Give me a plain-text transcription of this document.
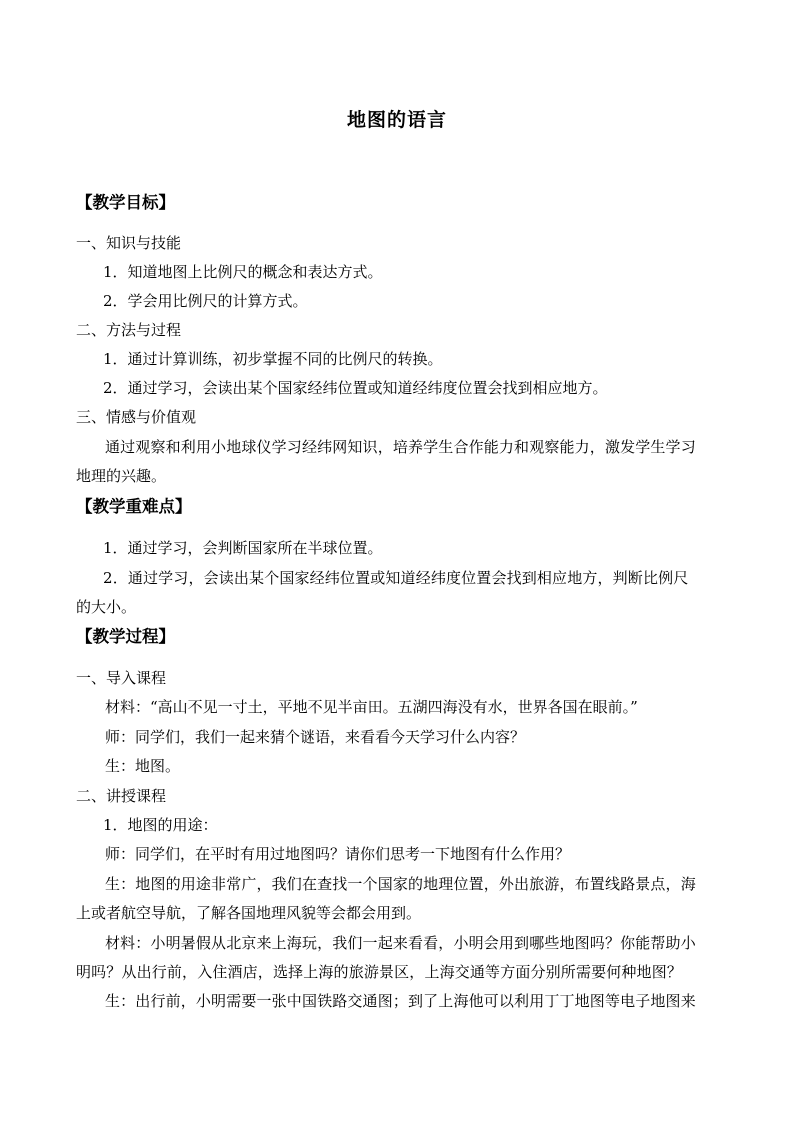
地图的语言
【教学目标】
一、知识与技能
1．知道地图上比例尺的概念和表达方式。
2．学会用比例尺的计算方式。
二、方法与过程
1．通过计算训练，初步掌握不同的比例尺的转换。
2．通过学习，会读出某个国家经纬位置或知道经纬度位置会找到相应地方。
三、情感与价值观
通过观察和利用小地球仪学习经纬网知识，培养学生合作能力和观察能力，激发学生学习
地理的兴趣。
【教学重难点】
1．通过学习，会判断国家所在半球位置。
2．通过学习，会读出某个国家经纬位置或知道经纬度位置会找到相应地方，判断比例尺
的大小。
【教学过程】
一、导入课程
材料：“高山不见一寸土，平地不见半亩田。五湖四海没有水，世界各国在眼前。”
师：同学们，我们一起来猜个谜语，来看看今天学习什么内容？
生：地图。
二、讲授课程
1．地图的用途：
师：同学们，在平时有用过地图吗？请你们思考一下地图有什么作用？
生：地图的用途非常广，我们在查找一个国家的地理位置，外出旅游，布置线路景点，海
上或者航空导航，了解各国地理风貌等会都会用到。
材料：小明暑假从北京来上海玩，我们一起来看看，小明会用到哪些地图吗？你能帮助小
明吗？从出行前，入住酒店，选择上海的旅游景区，上海交通等方面分别所需要何种地图？
生：出行前，小明需要一张中国铁路交通图；到了上海他可以利用丁丁地图等电子地图来
